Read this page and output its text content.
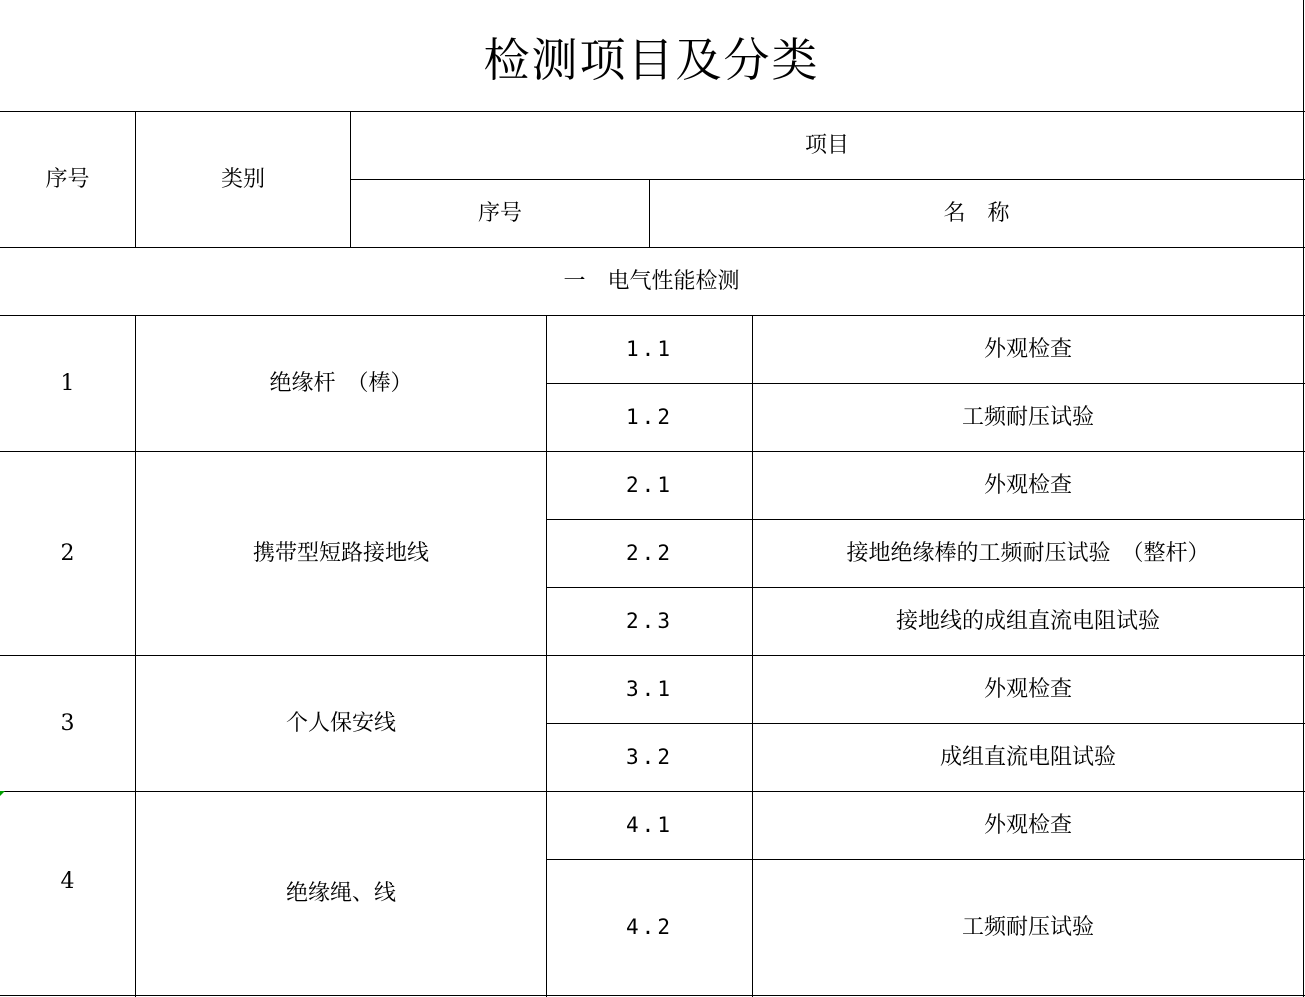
检测项目及分类
序号	类别
项目
序号	名　称
一　电气性能检测
1	绝缘杆　（棒）
1.1	外观检查
1.2	工频耐压试验
2	携带型短路接地线
2.1	外观检查
2.2	接地绝缘棒的工频耐压试验　（整杆）
2.3	接地线的成组直流电阻试验
3	个人保安线
3.1	外观检查
3.2	成组直流电阻试验
4	绝缘绳、线
4.1	外观检查
4.2	工频耐压试验
